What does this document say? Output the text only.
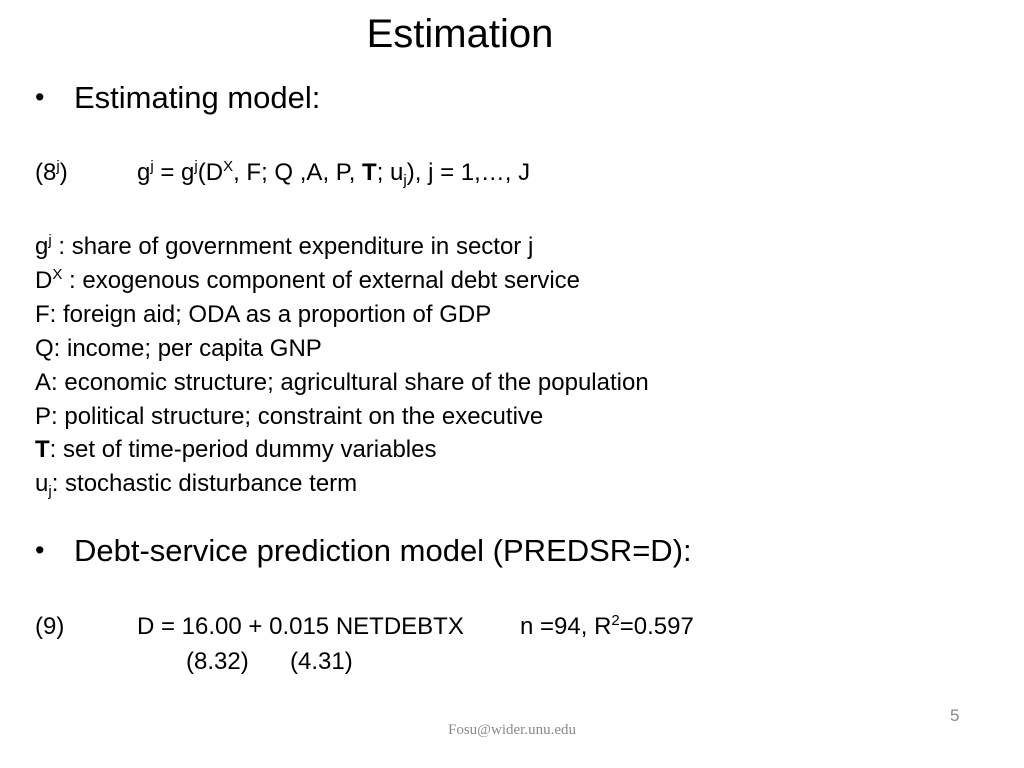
Estimation
• Estimating model:
(8$^j$)	$g^j = g^j(D^X$, F; Q ,A, P, T; $u_j$), j = 1,…, J
$g^j$ : share of government expenditure in sector j
$D^X$ : exogenous component of external debt service
F: foreign aid; ODA as a proportion of GDP
Q: income; per capita GNP
A: economic structure; agricultural share of the population
P: political structure; constraint on the executive
T: set of time-period dummy variables
$u_j$: stochastic disturbance term
• Debt-service prediction model (PREDSR=D):
(9)	D = 16.00 + 0.015 NETDEBTX n =94, $R^2=0.597$
(8.32) (4.31)
5
Fosu@wider.unu.edu
